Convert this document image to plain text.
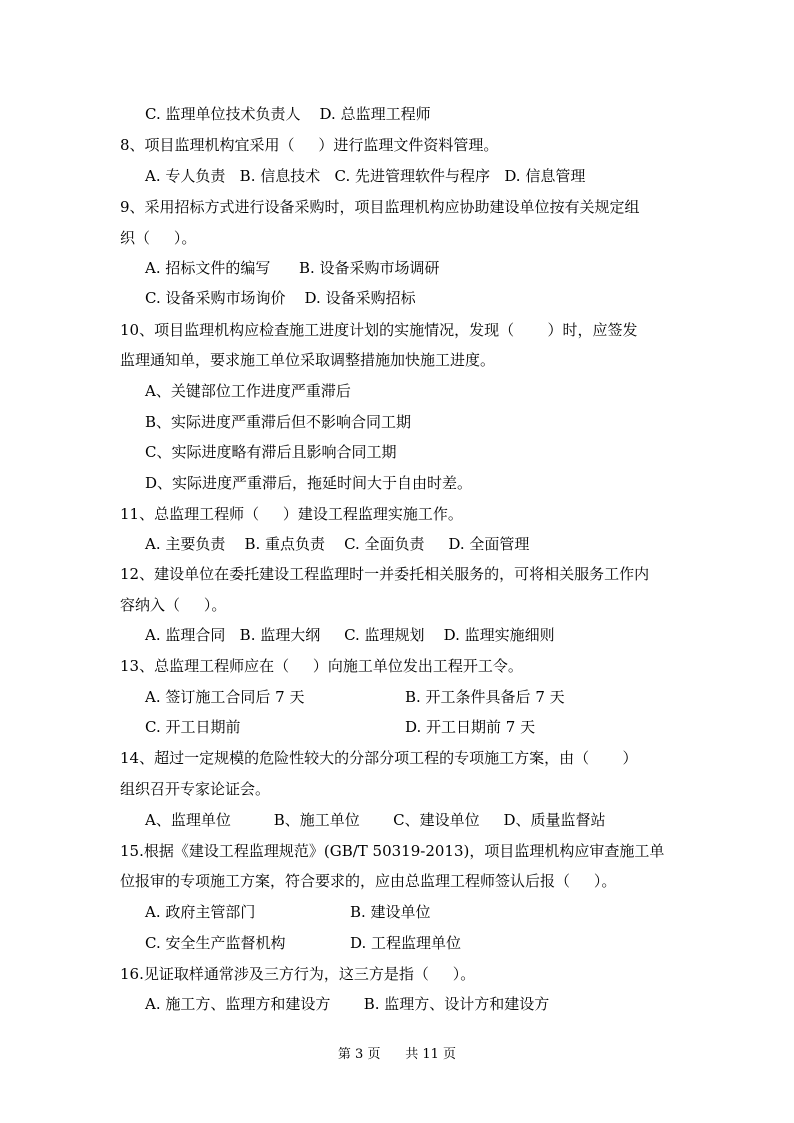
C. 监理单位技术负责人    D. 总监理工程师
8、项目监理机构宜采用（     ）进行监理文件资料管理。
A. 专人负责   B. 信息技术   C. 先进管理软件与程序   D. 信息管理
9、采用招标方式进行设备采购时，项目监理机构应协助建设单位按有关规定组
织（     ）。
A. 招标文件的编写      B. 设备采购市场调研
C. 设备采购市场询价    D. 设备采购招标
10、项目监理机构应检查施工进度计划的实施情况，发现（       ）时，应签发
监理通知单，要求施工单位采取调整措施加快施工进度。
A、关键部位工作进度严重滞后
B、实际进度严重滞后但不影响合同工期
C、实际进度略有滞后且影响合同工期
D、实际进度严重滞后，拖延时间大于自由时差。
11、总监理工程师（     ）建设工程监理实施工作。
A. 主要负责    B. 重点负责    C. 全面负责     D. 全面管理
12、建设单位在委托建设工程监理时一并委托相关服务的，可将相关服务工作内
容纳入（     ）。
A. 监理合同   B. 监理大纲     C. 监理规划    D. 监理实施细则
13、总监理工程师应在（     ）向施工单位发出工程开工令。
A. 签订施工合同后 7 天	B. 开工条件具备后 7 天
C. 开工日期前	D. 开工日期前 7 天
14、超过一定规模的危险性较大的分部分项工程的专项施工方案，由（       ）
组织召开专家论证会。
A、监理单位         B、施工单位       C、建设单位     D、质量监督站
15.根据《建设工程监理规范》(GB/T 50319-2013)，项目监理机构应审查施工单
位报审的专项施工方案，符合要求的，应由总监理工程师签认后报（     ）。
A. 政府主管部门	B. 建设单位
C. 安全生产监督机构	D. 工程监理单位
16.见证取样通常涉及三方行为，这三方是指（     ）。
A. 施工方、监理方和建设方       B. 监理方、设计方和建设方
第 3 页      共 11 页
